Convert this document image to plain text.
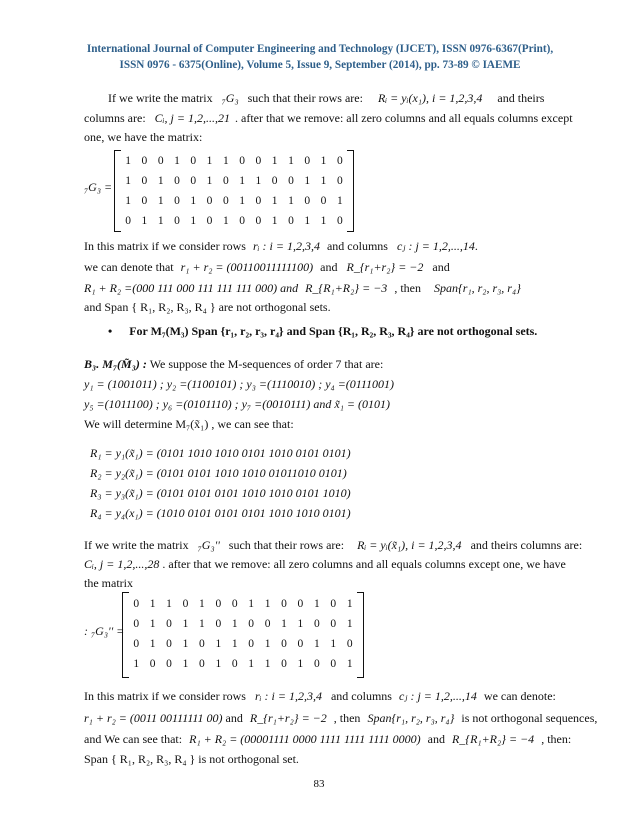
International Journal of Computer Engineering and Technology (IJCET), ISSN 0976-6367(Print),
ISSN 0976 - 6375(Online), Volume 5, Issue 9, September (2014), pp. 73-89 © IAEME
If we write the matrix ₇G₃ such that their rows are: Rᵢ = yᵢ(x₁), i = 1,2,3,4 and theirs
columns are: Cᵢ, j = 1,2,...,21 . after that we remove: all zero columns and all equals columns except
one, we have the matrix:
₇G₃ =
1	0	0	1	0	1	1	0	0	1	1	0	1	0
1	0	1	0	0	1	0	1	1	0	0	1	1	0
1	0	1	0	1	0	0	1	0	1	1	0	0	1
0	1	1	0	1	0	1	0	0	1	0	1	1	0
In this matrix if we consider rows rᵢ : i = 1,2,3,4 and columns cⱼ : j = 1,2,...,14.
we can denote that r₁ + r₂ = (00110011111100) and R_{r₁+r₂} = −2 and
R₁ + R₂ =(000 111 000 111 111 111 000) and R_{R₁+R₂} = −3 , then Span{r₁, r₂, r₃, r₄}
and Span { R₁, R₂, R₃, R₄ } are not orthogonal sets.
• For M₇(M₃) Span {r₁, r₂, r₃, r₄} and Span {R₁, R₂, R₃, R₄} are not orthogonal sets.
B₃. M₇(M̃₃) : We suppose the M-sequences of order 7 that are:
y₁ = (1001011) ; y₂ =(1100101) ; y₃ =(1110010) ; y₄ =(0111001)
y₅ =(1011100) ; y₆ =(0101110) ; y₇ =(0010111) and x̃₁ = (0101)
We will determine M₇(x̃₁) , we can see that:
R₁ = y₁(x̃₁) = (0101 1010 1010 0101 1010 0101 0101)
R₂ = y₂(x̃₁) = (0101 0101 1010 1010 01011010 0101)
R₃ = y₃(x̃₁) = (0101 0101 0101 1010 1010 0101 1010)
R₄ = y₄(x₁) = (1010 0101 0101 0101 1010 1010 0101)
If we write the matrix ₇G₃'' such that their rows are: Rᵢ = yᵢ(x̃₁), i = 1,2,3,4 and theirs columns are:
Cᵢ, j = 1,2,...,28 . after that we remove: all zero columns and all equals columns except one, we have
the matrix
: ₇G₃'' =
0	1	1	0	1	0	0	1	1	0	0	1	0	1
0	1	0	1	1	0	1	0	0	1	1	0	0	1
0	1	0	1	0	1	1	0	1	0	0	1	1	0
1	0	0	1	0	1	0	1	1	0	1	0	0	1
In this matrix if we consider rows rᵢ : i = 1,2,3,4 and columns cⱼ : j = 1,2,...,14 we can denote:
r₁ + r₂ = (0011 00111111 00) and R_{r₁+r₂} = −2 , then Span{r₁, r₂, r₃, r₄} is not orthogonal sequences,
and We can see that: R₁ + R₂ = (00001111 0000 1111 1111 1111 0000) and R_{R₁+R₂} = −4 , then:
Span { R₁, R₂, R₃, R₄ } is not orthogonal set.
83
